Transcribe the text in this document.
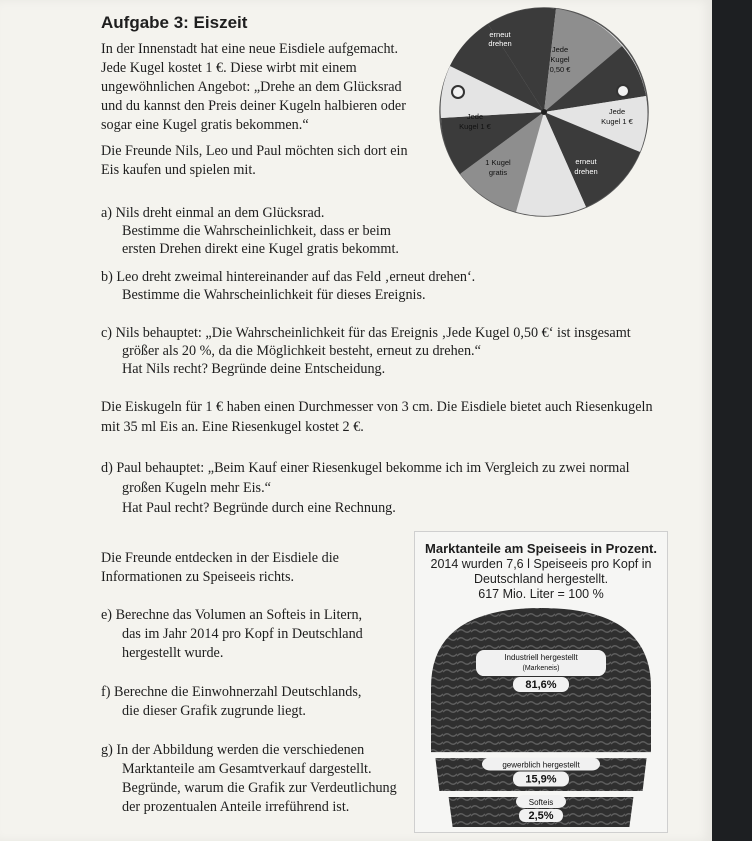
Aufgabe 3: Eiszeit
In der Innenstadt hat eine neue Eisdiele aufgemacht.
Jede Kugel kostet 1 €. Diese wirbt mit einem
ungewöhnlichen Angebot: „Drehe an dem Glücksrad
und du kannst den Preis deiner Kugeln halbieren oder
sogar eine Kugel gratis bekommen.“
Die Freunde Nils, Leo und Paul möchten sich dort ein
Eis kaufen und spielen mit.
erneut
drehen
Jede
Kugel
0,50 €
Jede
Kugel 1 €
Jede
Kugel 1 €
1 Kugel
gratis
erneut
drehen
a) Nils dreht einmal an dem Glücksrad.
Bestimme die Wahrscheinlichkeit, dass er beim
ersten Drehen direkt eine Kugel gratis bekommt.
b) Leo dreht zweimal hintereinander auf das Feld ‚erneut drehen‘.
Bestimme die Wahrscheinlichkeit für dieses Ereignis.
c) Nils behauptet: „Die Wahrscheinlichkeit für das Ereignis ‚Jede Kugel 0,50 €‘ ist insgesamt
größer als 20 %, da die Möglichkeit besteht, erneut zu drehen.“
Hat Nils recht? Begründe deine Entscheidung.
Die Eiskugeln für 1 € haben einen Durchmesser von 3 cm. Die Eisdiele bietet auch Riesenkugeln
mit 35 ml Eis an. Eine Riesenkugel kostet 2 €.
d) Paul behauptet: „Beim Kauf einer Riesenkugel bekomme ich im Vergleich zu zwei normal
großen Kugeln mehr Eis.“
Hat Paul recht? Begründe durch eine Rechnung.
Die Freunde entdecken in der Eisdiele die
Informationen zu Speiseeis richts.
e) Berechne das Volumen an Softeis in Litern,
das im Jahr 2014 pro Kopf in Deutschland
hergestellt wurde.
f) Berechne die Einwohnerzahl Deutschlands,
die dieser Grafik zugrunde liegt.
g) In der Abbildung werden die verschiedenen
Marktanteile am Gesamtverkauf dargestellt.
Begründe, warum die Grafik zur Verdeutlichung
der prozentualen Anteile irreführend ist.
Marktanteile am Speiseeis in Prozent.
2014 wurden 7,6 l Speiseeis pro Kopf in
Deutschland hergestellt.
617 Mio. Liter = 100 %
Industriell hergestellt
(Markeneis)
81,6%
gewerblich hergestellt
15,9%
Softeis
2,5%
